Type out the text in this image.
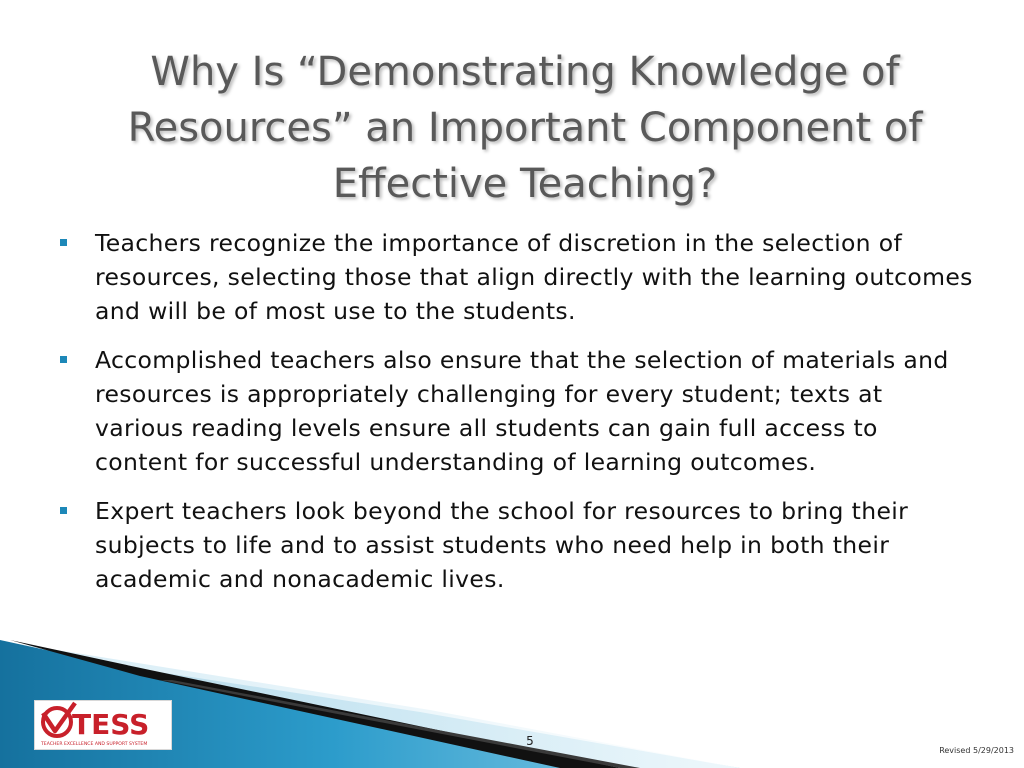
Why Is “Demonstrating Knowledge of Resources” an Important Component of Effective Teaching?
Teachers recognize the importance of discretion in the selection of resources, selecting those that align directly with the learning outcomes and will be of most use to the students.
Accomplished teachers also ensure that the selection of materials and resources is appropriately challenging for every student; texts at various reading levels ensure all students can gain full access to content for successful understanding of learning outcomes.
Expert teachers look beyond the school for resources to bring their subjects to life and to assist students who need help in both their academic and nonacademic lives.
TESS
TEACHER EXCELLENCE AND SUPPORT SYSTEM	5
Revised 5/29/2013
